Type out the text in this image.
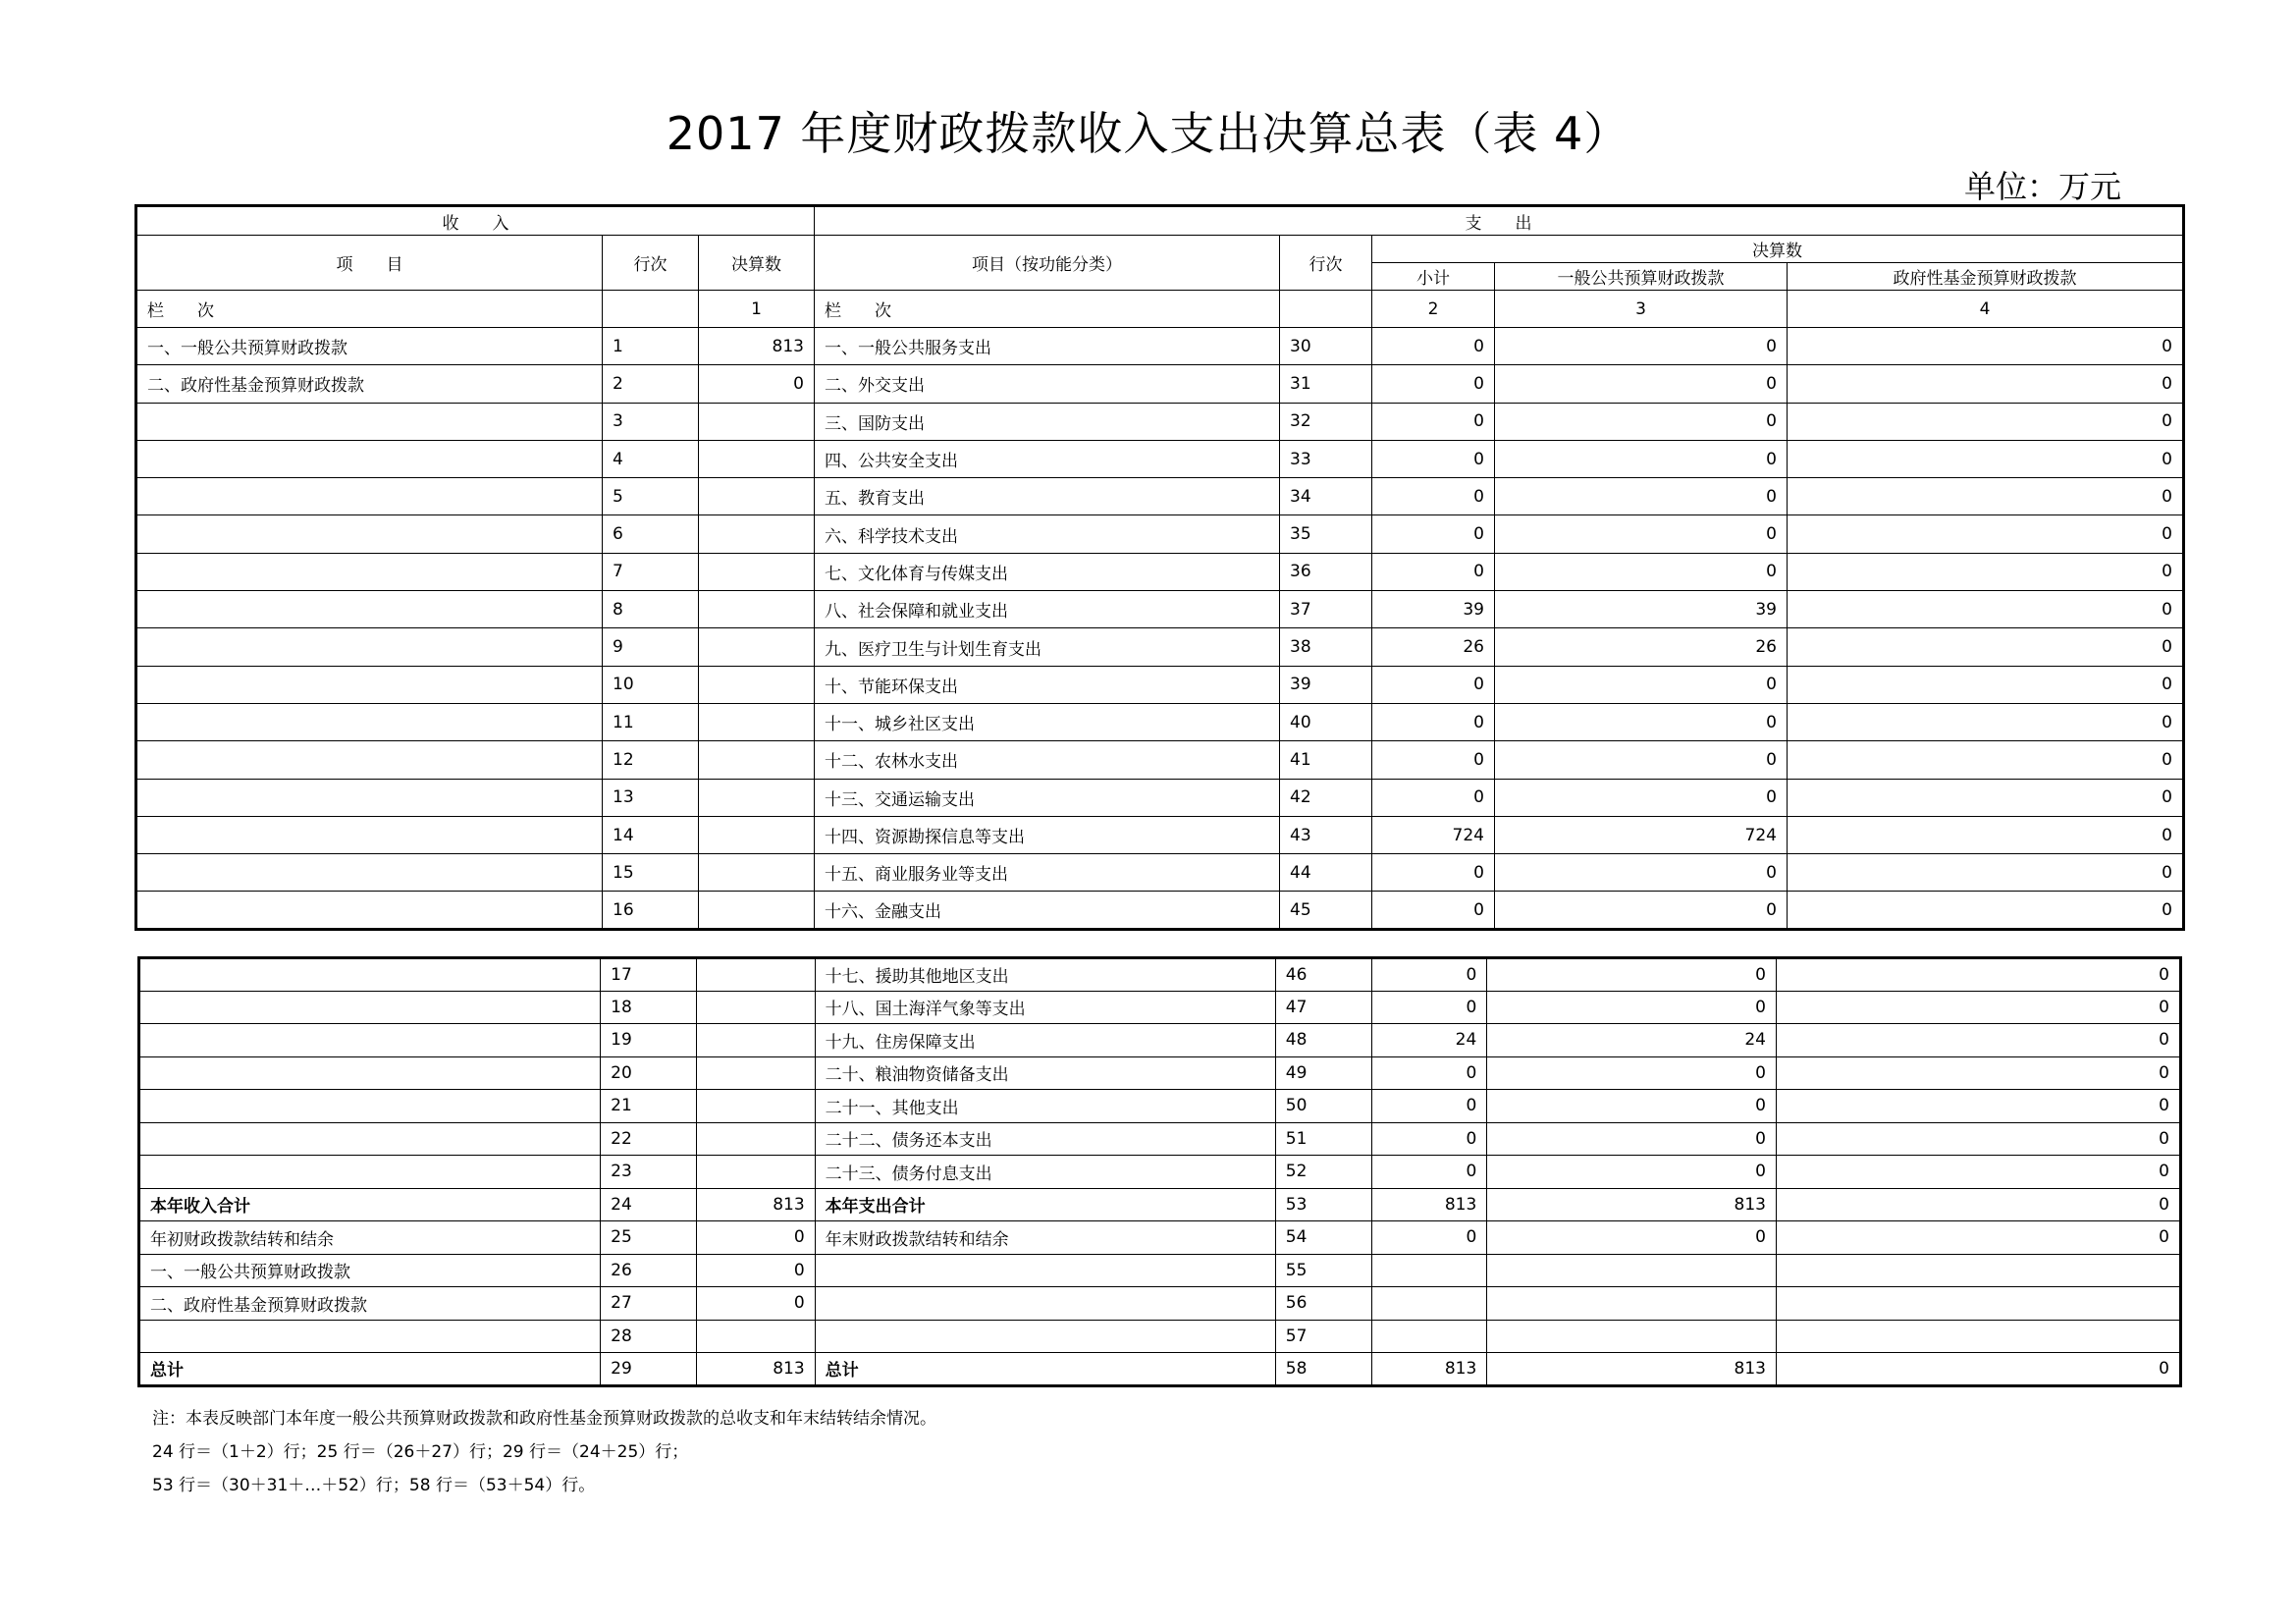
2017 年度财政拨款收入支出决算总表（表 4）
单位：万元
收　　入			支　　出				
项　　目	行次	决算数	项目（按功能分类）	行次	决算数		
					小计	一般公共预算财政拨款	政府性基金预算财政拨款
栏　　次		1	栏　　次		2	3	4
一、一般公共预算财政拨款	1	813	一、一般公共服务支出	30	0	0	0
二、政府性基金预算财政拨款	2	0	二、外交支出	31	0	0	0
	3		三、国防支出	32	0	0	0
	4		四、公共安全支出	33	0	0	0
	5		五、教育支出	34	0	0	0
	6		六、科学技术支出	35	0	0	0
	7		七、文化体育与传媒支出	36	0	0	0
	8		八、社会保障和就业支出	37	39	39	0
	9		九、医疗卫生与计划生育支出	38	26	26	0
	10		十、节能环保支出	39	0	0	0
	11		十一、城乡社区支出	40	0	0	0
	12		十二、农林水支出	41	0	0	0
	13		十三、交通运输支出	42	0	0	0
	14		十四、资源勘探信息等支出	43	724	724	0
	15		十五、商业服务业等支出	44	0	0	0
	16		十六、金融支出	45	0	0	0
	17		十七、援助其他地区支出	46	0	0	0
	18		十八、国土海洋气象等支出	47	0	0	0
	19		十九、住房保障支出	48	24	24	0
	20		二十、粮油物资储备支出	49	0	0	0
	21		二十一、其他支出	50	0	0	0
	22		二十二、债务还本支出	51	0	0	0
	23		二十三、债务付息支出	52	0	0	0
本年收入合计	24	813	本年支出合计	53	813	813	0
年初财政拨款结转和结余	25	0	年末财政拨款结转和结余	54	0	0	0
一、一般公共预算财政拨款	26	0		55			
二、政府性基金预算财政拨款	27	0		56			
	28			57			
总计	29	813	总计	58	813	813	0
注：本表反映部门本年度一般公共预算财政拨款和政府性基金预算财政拨款的总收支和年末结转结余情况。
24 行＝（1＋2）行；25 行＝（26＋27）行；29 行＝（24＋25）行；
53 行＝（30＋31＋…＋52）行；58 行＝（53＋54）行。
